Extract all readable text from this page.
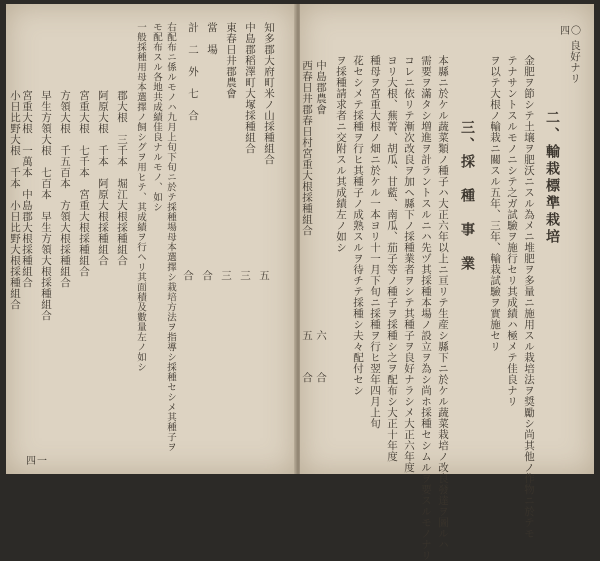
知多郡大府町米ノ山採種組合
中島郡稻澤町大塚採種組合
東春日井郡農會
當　場
計　二　外　七　合
五
三
三
合
合
右配布ニ係ルモノハ九月上旬下旬ニ於テ採種場母本選擇シ栽培方法ヲ指導シ採種セシメ其種子ヲ
モ配布スル各地共成績佳良ナルモノ、如シ
一般採種用母本選擇ノ飼シグヲ用ヒテ、其成績ヲ行ヘリ其面積及數量左ノ如シ
郡大根　三千本　堀江大根採種組合
阿原大根　千本　阿原大根採種組合
宮重大根　七千本　宮重大根採種組合
方領大根　千五百本　方領大根採種組合
早生方領大根　七百本　早生方領大根採種組合
宮重大根　一萬本　中島郡大根採種組合
小日比野大根　千本　小日比野大根採種組合
四一
良好ナリ
二、輸栽標準栽培
金肥ヲ節シテ土壌ヲ肥沃ニスル為メニ堆肥ヲ多量ニ施用スル栽培法ヲ奨勵シ尚其他ノ作物ニ於テモ
テナサントスルモノニシテ之ガ試驗ヲ施行セリ其成績ハ極メテ佳良ナリ
ヲ以テ大根ノ輸栽ニ關スル五年、三年、輸栽試驗ヲ實施セリ
三、採　種　事　業
本縣ニ於ケル蔬菜類ノ種子ハ大正六年以上ニ亘リテ生産シ縣下ニ於ケル蔬菜栽培ノ改良發達ヲ圖ルハ
需要ヲ滿タシ増進ヲ計ラントスルニハ先ヅ其採種本場ノ設立ヲ為シ尚ホ採種セシムルヲ要スルモノナリ
コレニ依リテ漸次改良ヲ加ヘ縣下ノ採種業者ヲシテ其種子ヲ良好ナラシメ大正六年度
ヨリ大根、蕪菁、胡瓜、甘藍、南瓜、茄子等ノ種子ヲ採種シ之ヲ配布シ大正十年度
種母ヲ宮重大根ノ畑ニ於ケル一本ヨリ十一月下旬ニ採種ヲ行ヒ翌年四月上旬
花セシメテ採種ヲ行ヒ其種子ノ成熟スルヲ待チテ採種シ夫々配付セシ
ヲ採種請求者ニ交附スル其成績左ノ如シ
中島郡農會
西春日井郡春日村宮重大根採種組合
六
五
合
合
四〇
